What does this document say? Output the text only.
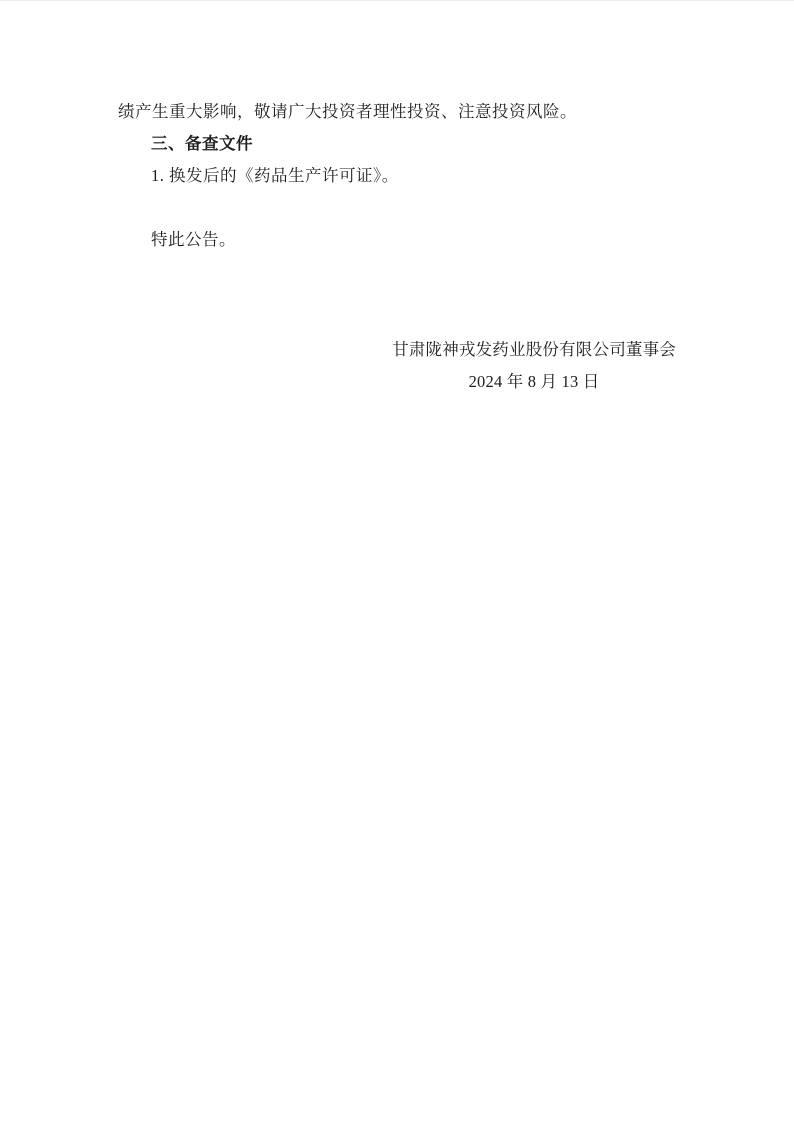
绩产生重大影响，敬请广大投资者理性投资、注意投资风险。

三、备查文件

1. 换发后的《药品生产许可证》。

特此公告。

甘肃陇神戎发药业股份有限公司董事会

2024 年 8 月 13 日
